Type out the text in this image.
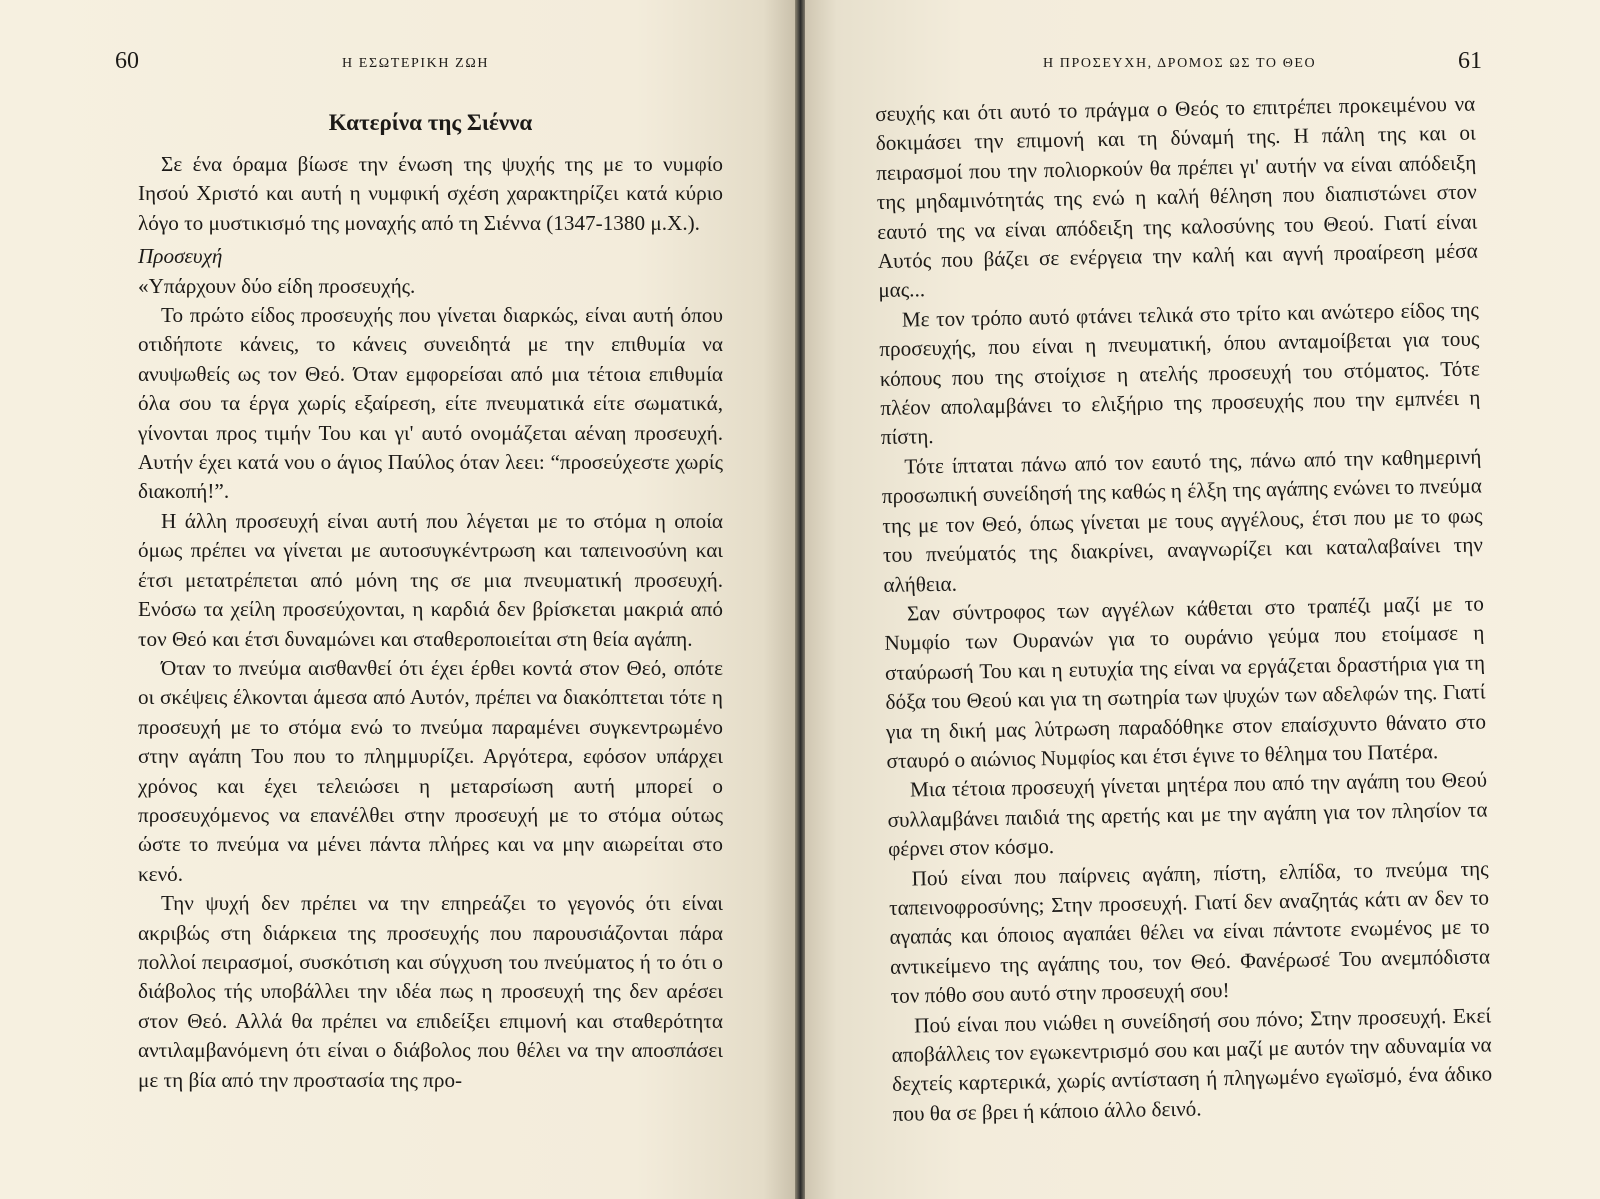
60	Η ΕΣΩΤΕΡΙΚΗ ΖΩΗ
Κατερίνα της Σιέννα

Σε ένα όραμα βίωσε την ένωση της ψυχής της με το νυμφίο Ιησού Χριστό και αυτή η νυμφική σχέση χαρακτηρίζει κατά κύριο λόγο το μυστικισμό της μοναχής από τη Σιέννα (1347-1380 μ.Χ.).

Προσευχή

«Υπάρχουν δύο είδη προσευχής.

Το πρώτο είδος προσευχής που γίνεται διαρκώς, είναι αυτή όπου οτιδήποτε κάνεις, το κάνεις συνειδητά με την επιθυμία να ανυψωθείς ως τον Θεό. Όταν εμφορείσαι από μια τέτοια επιθυμία όλα σου τα έργα χωρίς εξαίρεση, είτε πνευματικά είτε σωματικά, γίνονται προς τιμήν Του και γι' αυτό ονομάζεται αέναη προσευχή. Αυτήν έχει κατά νου ο άγιος Παύλος όταν λεει: “προσεύχεστε χωρίς διακοπή!”.

Η άλλη προσευχή είναι αυτή που λέγεται με το στόμα η οποία όμως πρέπει να γίνεται με αυτοσυγκέντρωση και ταπεινοσύνη και έτσι μετατρέπεται από μόνη της σε μια πνευματική προσευχή. Ενόσω τα χείλη προσεύχονται, η καρδιά δεν βρίσκεται μακριά από τον Θεό και έτσι δυναμώνει και σταθεροποιείται στη θεία αγάπη.

Όταν το πνεύμα αισθανθεί ότι έχει έρθει κοντά στον Θεό, οπότε οι σκέψεις έλκονται άμεσα από Αυτόν, πρέπει να διακόπτεται τότε η προσευχή με το στόμα ενώ το πνεύμα παραμένει συγκεντρωμένο στην αγάπη Του που το πλημμυρίζει. Αργότερα, εφόσον υπάρχει χρόνος και έχει τελειώσει η μεταρσίωση αυτή μπορεί ο προσευχόμενος να επανέλθει στην προσευχή με το στόμα ούτως ώστε το πνεύμα να μένει πάντα πλήρες και να μην αιωρείται στο κενό.

Την ψυχή δεν πρέπει να την επηρεάζει το γεγονός ότι είναι ακριβώς στη διάρκεια της προσευχής που παρουσιάζονται πάρα πολλοί πειρασμοί, συσκότιση και σύγχυση του πνεύματος ή το ότι ο διάβολος τής υποβάλλει την ιδέα πως η προσευχή της δεν αρέσει στον Θεό. Αλλά θα πρέπει να επιδείξει επιμονή και σταθερότητα αντιλαμβανόμενη ότι είναι ο διάβολος που θέλει να την αποσπάσει με τη βία από την προστασία της προ-

Η ΠΡΟΣΕΥΧΗ, ΔΡΟΜΟΣ ΩΣ ΤΟ ΘΕΟ	61

σευχής και ότι αυτό το πράγμα ο Θεός το επιτρέπει προκειμένου να δοκιμάσει την επιμονή και τη δύναμή της. Η πάλη της και οι πειρασμοί που την πολιορκούν θα πρέπει γι' αυτήν να είναι απόδειξη της μηδαμινότητάς της ενώ η καλή θέληση που διαπιστώνει στον εαυτό της να είναι απόδειξη της καλοσύνης του Θεού. Γιατί είναι Αυτός που βάζει σε ενέργεια την καλή και αγνή προαίρεση μέσα μας...

Με τον τρόπο αυτό φτάνει τελικά στο τρίτο και ανώτερο είδος της προσευχής, που είναι η πνευματική, όπου ανταμοίβεται για τους κόπους που της στοίχισε η ατελής προσευχή του στόματος. Τότε πλέον απολαμβάνει το ελιξήριο της προσευχής που την εμπνέει η πίστη.

Τότε ίπταται πάνω από τον εαυτό της, πάνω από την καθημερινή προσωπική συνείδησή της καθώς η έλξη της αγάπης ενώνει το πνεύμα της με τον Θεό, όπως γίνεται με τους αγγέλους, έτσι που με το φως του πνεύματός της διακρίνει, αναγνωρίζει και καταλαβαίνει την αλήθεια.

Σαν σύντροφος των αγγέλων κάθεται στο τραπέζι μαζί με το Νυμφίο των Ουρανών για το ουράνιο γεύμα που ετοίμασε η σταύρωσή Του και η ευτυχία της είναι να εργάζεται δραστήρια για τη δόξα του Θεού και για τη σωτηρία των ψυχών των αδελφών της. Γιατί για τη δική μας λύτρωση παραδόθηκε στον επαίσχυντο θάνατο στο σταυρό ο αιώνιος Νυμφίος και έτσι έγινε το θέλημα του Πατέρα.

Μια τέτοια προσευχή γίνεται μητέρα που από την αγάπη του Θεού συλλαμβάνει παιδιά της αρετής και με την αγάπη για τον πλησίον τα φέρνει στον κόσμο.

Πού είναι που παίρνεις αγάπη, πίστη, ελπίδα, το πνεύμα της ταπεινοφροσύνης; Στην προσευχή. Γιατί δεν αναζητάς κάτι αν δεν το αγαπάς και όποιος αγαπάει θέλει να είναι πάντοτε ενωμένος με το αντικείμενο της αγάπης του, τον Θεό. Φανέρωσέ Του ανεμπόδιστα τον πόθο σου αυτό στην προσευχή σου!

Πού είναι που νιώθει η συνείδησή σου πόνο; Στην προσευχή. Εκεί αποβάλλεις τον εγωκεντρισμό σου και μαζί με αυτόν την αδυναμία να δεχτείς καρτερικά, χωρίς αντίσταση ή πληγωμένο εγωϊσμό, ένα άδικο που θα σε βρει ή κάποιο άλλο δεινό.
